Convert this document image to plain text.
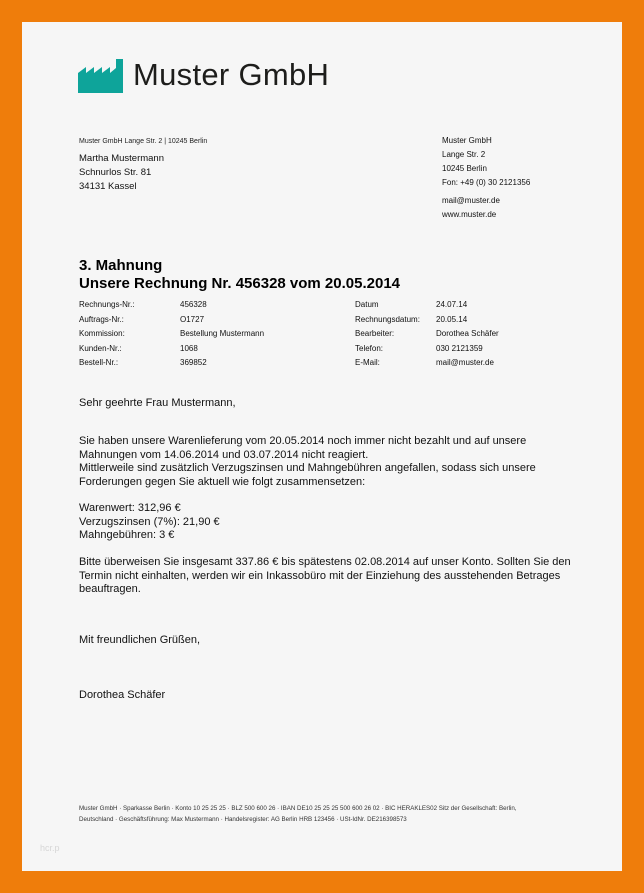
Muster GmbH
Muster GmbH Lange Str. 2 | 10245 Berlin
Martha Mustermann
Schnurlos Str. 81
34131 Kassel
Muster GmbH
Lange Str. 2
10245 Berlin
Fon: +49 (0) 30 2121356
mail@muster.de
www.muster.de
3. Mahnung
Unsere Rechnung Nr. 456328 vom 20.05.2014
Rechnungs-Nr.:	456328	Datum	24.07.14
Auftrags-Nr.:	O1727	Rechnungsdatum: 20.05.14
Kommission:	Bestellung Mustermann	Bearbeiter:	Dorothea Schäfer
Kunden-Nr.:	1068	Telefon:	030 2121359
Bestell-Nr.:	369852	E-Mail:	mail@muster.de
Sehr geehrte Frau Mustermann,
Sie haben unsere Warenlieferung vom 20.05.2014 noch immer nicht bezahlt und auf unsere
Mahnungen vom 14.06.2014 und 03.07.2014 nicht reagiert.
Mittlerweile sind zusätzlich Verzugszinsen und Mahngebühren angefallen, sodass sich unsere
Forderungen gegen Sie aktuell wie folgt zusammensetzen:
Warenwert: 312,96 €
Verzugszinsen (7%): 21,90 €
Mahngebühren: 3 €
Bitte überweisen Sie insgesamt 337.86 € bis spätestens 02.08.2014 auf unser Konto. Sollten Sie den
Termin nicht einhalten, werden wir ein Inkassobüro mit der Einziehung des ausstehenden Betrages
beauftragen.
Mit freundlichen Grüßen,
Dorothea Schäfer
Muster GmbH · Sparkasse Berlin · Konto 10 25 25 25 · BLZ 500 600 26 · IBAN DE10 25 25 25 500 600 26 02 · BIC HERAKLES02 Sitz der Gesellschaft: Berlin,
Deutschland · Geschäftsführung: Max Mustermann · Handelsregister: AG Berlin HRB 123456 · USt-IdNr. DE216398573
hcr.p
